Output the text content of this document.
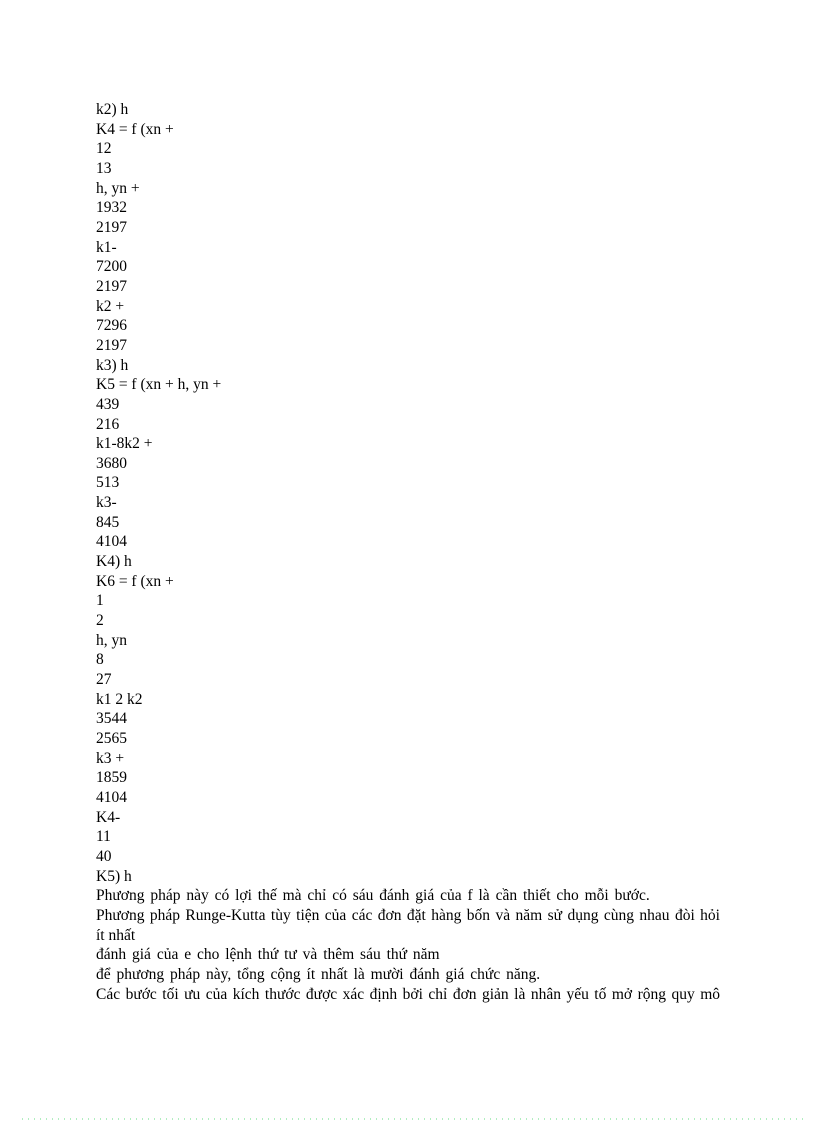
k2) h
K4 = f (xn +
12
13
h, yn +
1932
2197
k1-
7200
2197
k2 +
7296
2197
k3) h
K5 = f (xn + h, yn +
439
216
k1-8k2 +
3680
513
k3-
845
4104
K4) h
K6 = f (xn +
1
2
h, yn
8
27
k1 2 k2
3544
2565
k3 +
1859
4104
K4-
11
40
K5) h
Phương pháp này có lợi thế mà chỉ có sáu đánh giá của f là cần thiết cho mỗi bước.
Phương pháp Runge-Kutta tùy tiện của các đơn đặt hàng bốn và năm sử dụng cùng nhau đòi hỏi
ít nhất
đánh giá của e cho lệnh thứ tư và thêm sáu thứ năm
để phương pháp này, tổng cộng ít nhất là mười đánh giá chức năng.
Các bước tối ưu của kích thước được xác định bởi chỉ đơn giản là nhân yếu tố mở rộng quy mô
